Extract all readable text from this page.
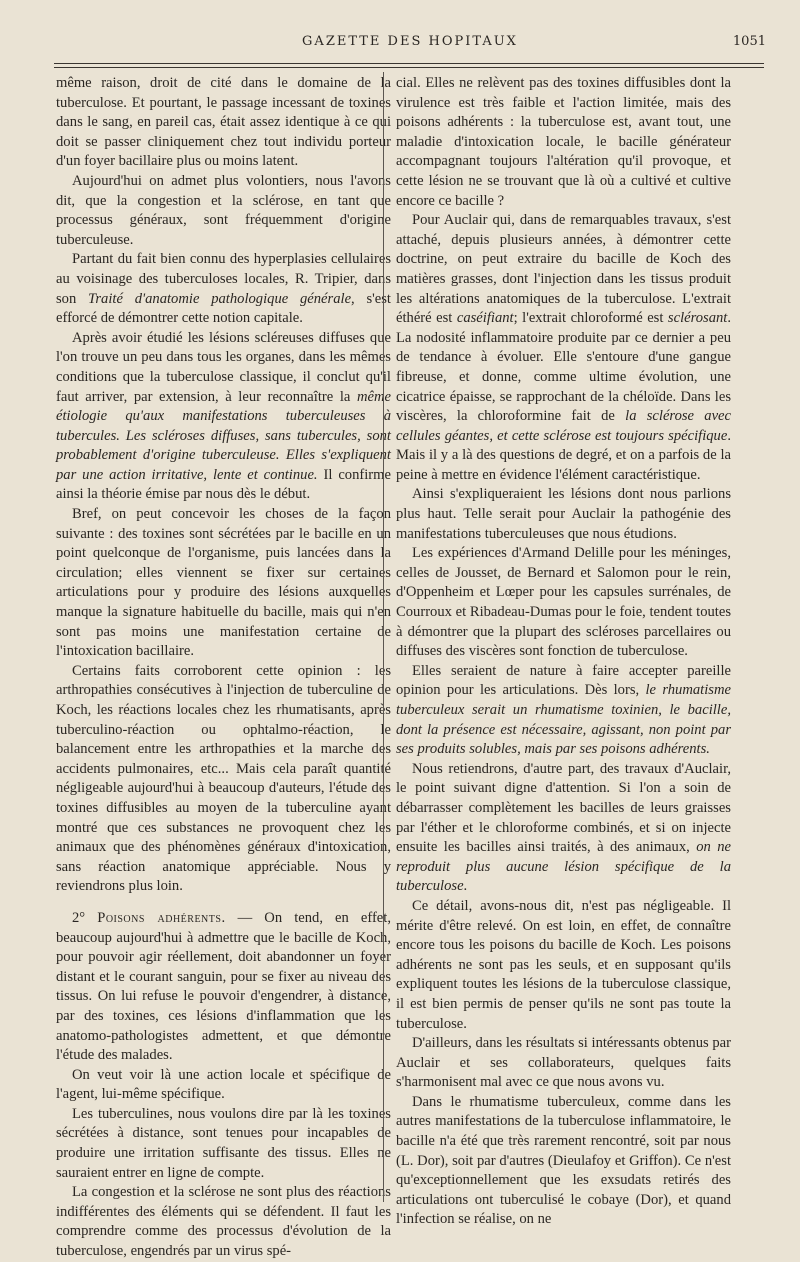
GAZETTE DES HOPITAUX	1051

même raison, droit de cité dans le domaine de la tuberculose. Et pourtant, le passage incessant de toxines dans le sang, en pareil cas, était assez identique à ce qui doit se passer cliniquement chez tout individu porteur d'un foyer bacillaire plus ou moins latent.

Aujourd'hui on admet plus volontiers, nous l'avons dit, que la congestion et la sclérose, en tant que processus généraux, sont fréquemment d'origine tuberculeuse.

Partant du fait bien connu des hyperplasies cellulaires au voisinage des tuberculoses locales, R. Tripier, dans son Traité d'anatomie pathologique générale, s'est efforcé de démontrer cette notion capitale.

Après avoir étudié les lésions scléreuses diffuses que l'on trouve un peu dans tous les organes, dans les mêmes conditions que la tuberculose classique, il conclut qu'il faut arriver, par extension, à leur reconnaître la même étiologie qu'aux manifestations tuberculeuses à tubercules. Les scléroses diffuses, sans tubercules, sont probablement d'origine tuberculeuse. Elles s'expliquent par une action irritative, lente et continue. Il confirme ainsi la théorie émise par nous dès le début.

Bref, on peut concevoir les choses de la façon suivante : des toxines sont sécrétées par le bacille en un point quelconque de l'organisme, puis lancées dans la circulation; elles viennent se fixer sur certaines articulations pour y produire des lésions auxquelles manque la signature habituelle du bacille, mais qui n'en sont pas moins une manifestation certaine de l'intoxication bacillaire.

Certains faits corroborent cette opinion : les arthropathies consécutives à l'injection de tuberculine de Koch, les réactions locales chez les rhumatisants, après tuberculino-réaction ou ophtalmo-réaction, le balancement entre les arthropathies et la marche des accidents pulmonaires, etc... Mais cela paraît quantité négligeable aujourd'hui à beaucoup d'auteurs, l'étude des toxines diffusibles au moyen de la tuberculine ayant montré que ces substances ne provoquent chez les animaux que des phénomènes généraux d'intoxication, sans réaction anatomique appréciable. Nous y reviendrons plus loin.

2° Poisons adhérents. — On tend, en effet, beaucoup aujourd'hui à admettre que le bacille de Koch, pour pouvoir agir réellement, doit abandonner un foyer distant et le courant sanguin, pour se fixer au niveau des tissus. On lui refuse le pouvoir d'engendrer, à distance, par des toxines, ces lésions d'inflammation que les anatomo-pathologistes admettent, et que démontre l'étude des malades.

On veut voir là une action locale et spécifique de l'agent, lui-même spécifique.

Les tuberculines, nous voulons dire par là les toxines sécrétées à distance, sont tenues pour incapables de produire une irritation suffisante des tissus. Elles ne sauraient entrer en ligne de compte.

La congestion et la sclérose ne sont plus des réactions indifférentes des éléments qui se défendent. Il faut les comprendre comme des processus d'évolution de la tuberculose, engendrés par un virus spé-

cial. Elles ne relèvent pas des toxines diffusibles dont la virulence est très faible et l'action limitée, mais des poisons adhérents : la tuberculose est, avant tout, une maladie d'intoxication locale, le bacille générateur accompagnant toujours l'altération qu'il provoque, et cette lésion ne se trouvant que là où a cultivé et cultive encore ce bacille ?

Pour Auclair qui, dans de remarquables travaux, s'est attaché, depuis plusieurs années, à démontrer cette doctrine, on peut extraire du bacille de Koch des matières grasses, dont l'injection dans les tissus produit les altérations anatomiques de la tuberculose. L'extrait éthéré est caséifiant; l'extrait chloroformé est sclérosant. La nodosité inflammatoire produite par ce dernier a peu de tendance à évoluer. Elle s'entoure d'une gangue fibreuse, et donne, comme ultime évolution, une cicatrice épaisse, se rapprochant de la chéloïde. Dans les viscères, la chloroformine fait de la sclérose avec cellules géantes, et cette sclérose est toujours spécifique. Mais il y a là des questions de degré, et on a parfois de la peine à mettre en évidence l'élément caractéristique.

Ainsi s'expliqueraient les lésions dont nous parlions plus haut. Telle serait pour Auclair la pathogénie des manifestations tuberculeuses que nous étudions.

Les expériences d'Armand Delille pour les méninges, celles de Jousset, de Bernard et Salomon pour le rein, d'Oppenheim et Lœper pour les capsules surrénales, de Courroux et Ribadeau-Dumas pour le foie, tendent toutes à démontrer que la plupart des scléroses parcellaires ou diffuses des viscères sont fonction de tuberculose.

Elles seraient de nature à faire accepter pareille opinion pour les articulations. Dès lors, le rhumatisme tuberculeux serait un rhumatisme toxinien, le bacille, dont la présence est nécessaire, agissant, non point par ses produits solubles, mais par ses poisons adhérents.

Nous retiendrons, d'autre part, des travaux d'Auclair, le point suivant digne d'attention. Si l'on a soin de débarrasser complètement les bacilles de leurs graisses par l'éther et le chloroforme combinés, et si on injecte ensuite les bacilles ainsi traités, à des animaux, on ne reproduit plus aucune lésion spécifique de la tuberculose.

Ce détail, avons-nous dit, n'est pas négligeable. Il mérite d'être relevé. On est loin, en effet, de connaître encore tous les poisons du bacille de Koch. Les poisons adhérents ne sont pas les seuls, et en supposant qu'ils expliquent toutes les lésions de la tuberculose classique, il est bien permis de penser qu'ils ne sont pas toute la tuberculose.

D'ailleurs, dans les résultats si intéressants obtenus par Auclair et ses collaborateurs, quelques faits s'harmonisent mal avec ce que nous avons vu.

Dans le rhumatisme tuberculeux, comme dans les autres manifestations de la tuberculose inflammatoire, le bacille n'a été que très rarement rencontré, soit par nous (L. Dor), soit par d'autres (Dieulafoy et Griffon). Ce n'est qu'exceptionnellement que les exsudats retirés des articulations ont tuberculisé le cobaye (Dor), et quand l'infection se réalise, on ne
